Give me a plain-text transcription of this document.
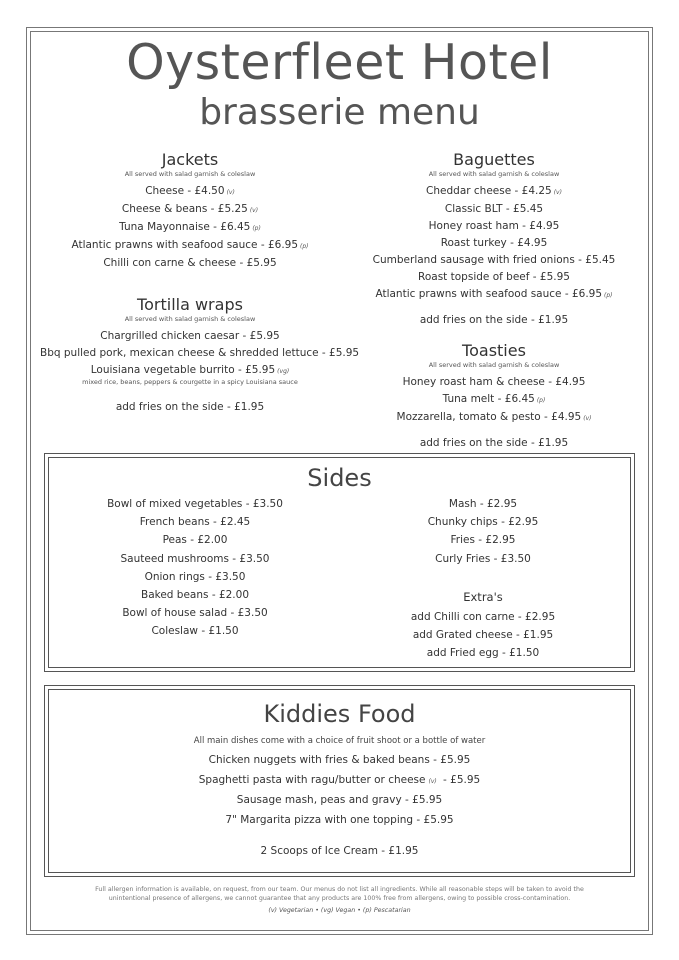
Oysterfleet Hotel
brasserie menu
Jackets
All served with salad garnish & coleslaw
Cheese - £4.50 (v)
Cheese & beans - £5.25 (v)
Tuna Mayonnaise - £6.45 (p)
Atlantic prawns with seafood sauce - £6.95 (p)
Chilli con carne & cheese - £5.95
Tortilla wraps
All served with salad garnish & coleslaw
Chargrilled chicken caesar - £5.95
Bbq pulled pork, mexican cheese & shredded lettuce - £5.95
Louisiana vegetable burrito - £5.95 (vg)
mixed rice, beans, peppers & courgette in a spicy Louisiana sauce
add fries on the side - £1.95
Baguettes
All served with salad garnish & coleslaw
Cheddar cheese - £4.25 (v)
Classic BLT - £5.45
Honey roast ham - £4.95
Roast turkey - £4.95
Cumberland sausage with fried onions - £5.45
Roast topside of beef - £5.95
Atlantic prawns with seafood sauce - £6.95 (p)
add fries on the side - £1.95
Toasties
All served with salad garnish & coleslaw
Honey roast ham & cheese - £4.95
Tuna melt - £6.45 (p)
Mozzarella, tomato & pesto - £4.95 (v)
add fries on the side - £1.95
Sides
Bowl of mixed vegetables - £3.50
French beans - £2.45
Peas - £2.00
Sauteed mushrooms - £3.50
Onion rings - £3.50
Baked beans - £2.00
Bowl of house salad - £3.50
Coleslaw - £1.50
Mash - £2.95
Chunky chips - £2.95
Fries - £2.95
Curly Fries - £3.50
Extra's
add Chilli con carne - £2.95
add Grated cheese - £1.95
add Fried egg - £1.50
Kiddies Food
All main dishes come with a choice of fruit shoot or a bottle of water
Chicken nuggets with fries & baked beans - £5.95
Spaghetti pasta with ragu/butter or cheese (v) - £5.95
Sausage mash, peas and gravy - £5.95
7" Margarita pizza with one topping - £5.95
2 Scoops of Ice Cream - £1.95
Full allergen information is available, on request, from our team. Our menus do not list all ingredients. While all reasonable steps will be taken to avoid the
unintentional presence of allergens, we cannot guarantee that any products are 100% free from allergens, owing to possible cross-contamination.
(v) Vegetarian • (vg) Vegan • (p) Pescatarian
